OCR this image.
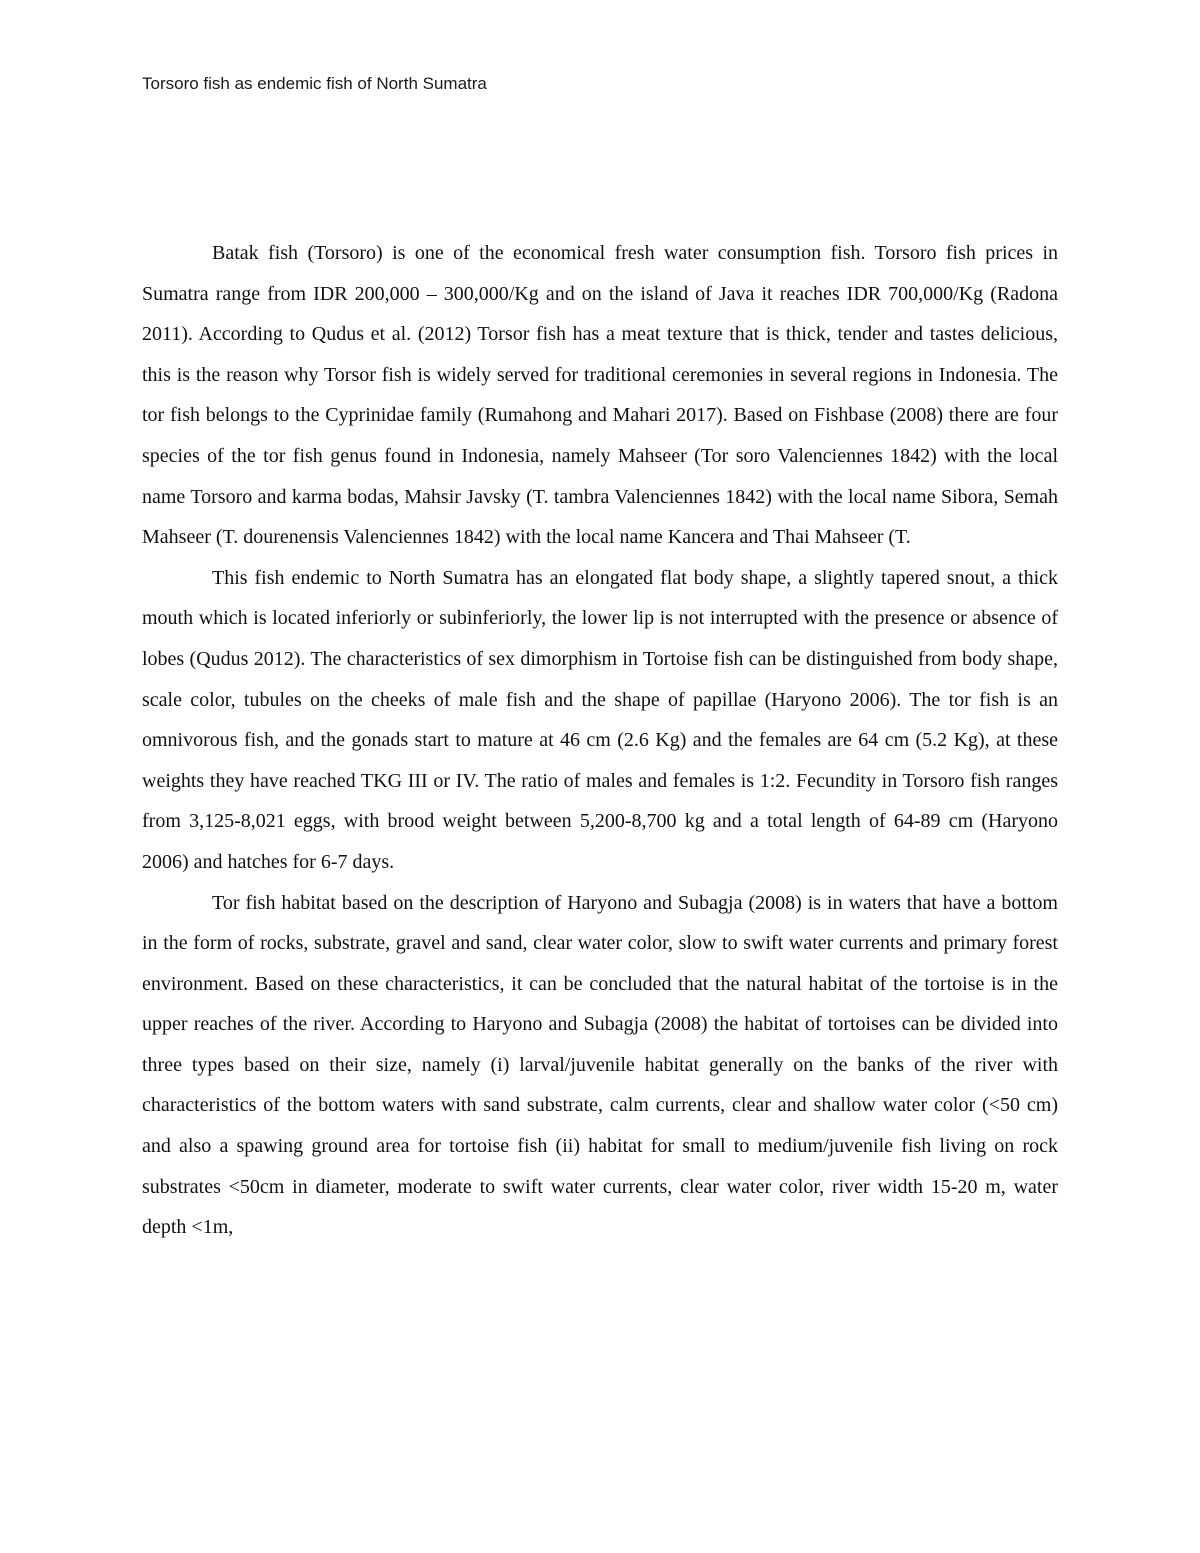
Torsoro fish as endemic fish of North Sumatra

Batak fish (Torsoro) is one of the economical fresh water consumption fish. Torsoro fish prices in Sumatra range from IDR 200,000 – 300,000/Kg and on the island of Java it reaches IDR 700,000/Kg (Radona 2011). According to Qudus et al. (2012) Torsor fish has a meat texture that is thick, tender and tastes delicious, this is the reason why Torsor fish is widely served for traditional ceremonies in several regions in Indonesia. The tor fish belongs to the Cyprinidae family (Rumahong and Mahari 2017). Based on Fishbase (2008) there are four species of the tor fish genus found in Indonesia, namely Mahseer (Tor soro Valenciennes 1842) with the local name Torsoro and karma bodas, Mahsir Javsky (T. tambra Valenciennes 1842) with the local name Sibora, Semah Mahseer (T. dourenensis Valenciennes 1842) with the local name Kancera and Thai Mahseer (T.

This fish endemic to North Sumatra has an elongated flat body shape, a slightly tapered snout, a thick mouth which is located inferiorly or subinferiorly, the lower lip is not interrupted with the presence or absence of lobes (Qudus 2012). The characteristics of sex dimorphism in Tortoise fish can be distinguished from body shape, scale color, tubules on the cheeks of male fish and the shape of papillae (Haryono 2006). The tor fish is an omnivorous fish, and the gonads start to mature at 46 cm (2.6 Kg) and the females are 64 cm (5.2 Kg), at these weights they have reached TKG III or IV. The ratio of males and females is 1:2. Fecundity in Torsoro fish ranges from 3,125-8,021 eggs, with brood weight between 5,200-8,700 kg and a total length of 64-89 cm (Haryono 2006) and hatches for 6-7 days.

Tor fish habitat based on the description of Haryono and Subagja (2008) is in waters that have a bottom in the form of rocks, substrate, gravel and sand, clear water color, slow to swift water currents and primary forest environment. Based on these characteristics, it can be concluded that the natural habitat of the tortoise is in the upper reaches of the river. According to Haryono and Subagja (2008) the habitat of tortoises can be divided into three types based on their size, namely (i) larval/juvenile habitat generally on the banks of the river with characteristics of the bottom waters with sand substrate, calm currents, clear and shallow water color (<50 cm) and also a spawing ground area for tortoise fish (ii) habitat for small to medium/juvenile fish living on rock substrates <50cm in diameter, moderate to swift water currents, clear water color, river width 15-20 m, water depth <1m,
